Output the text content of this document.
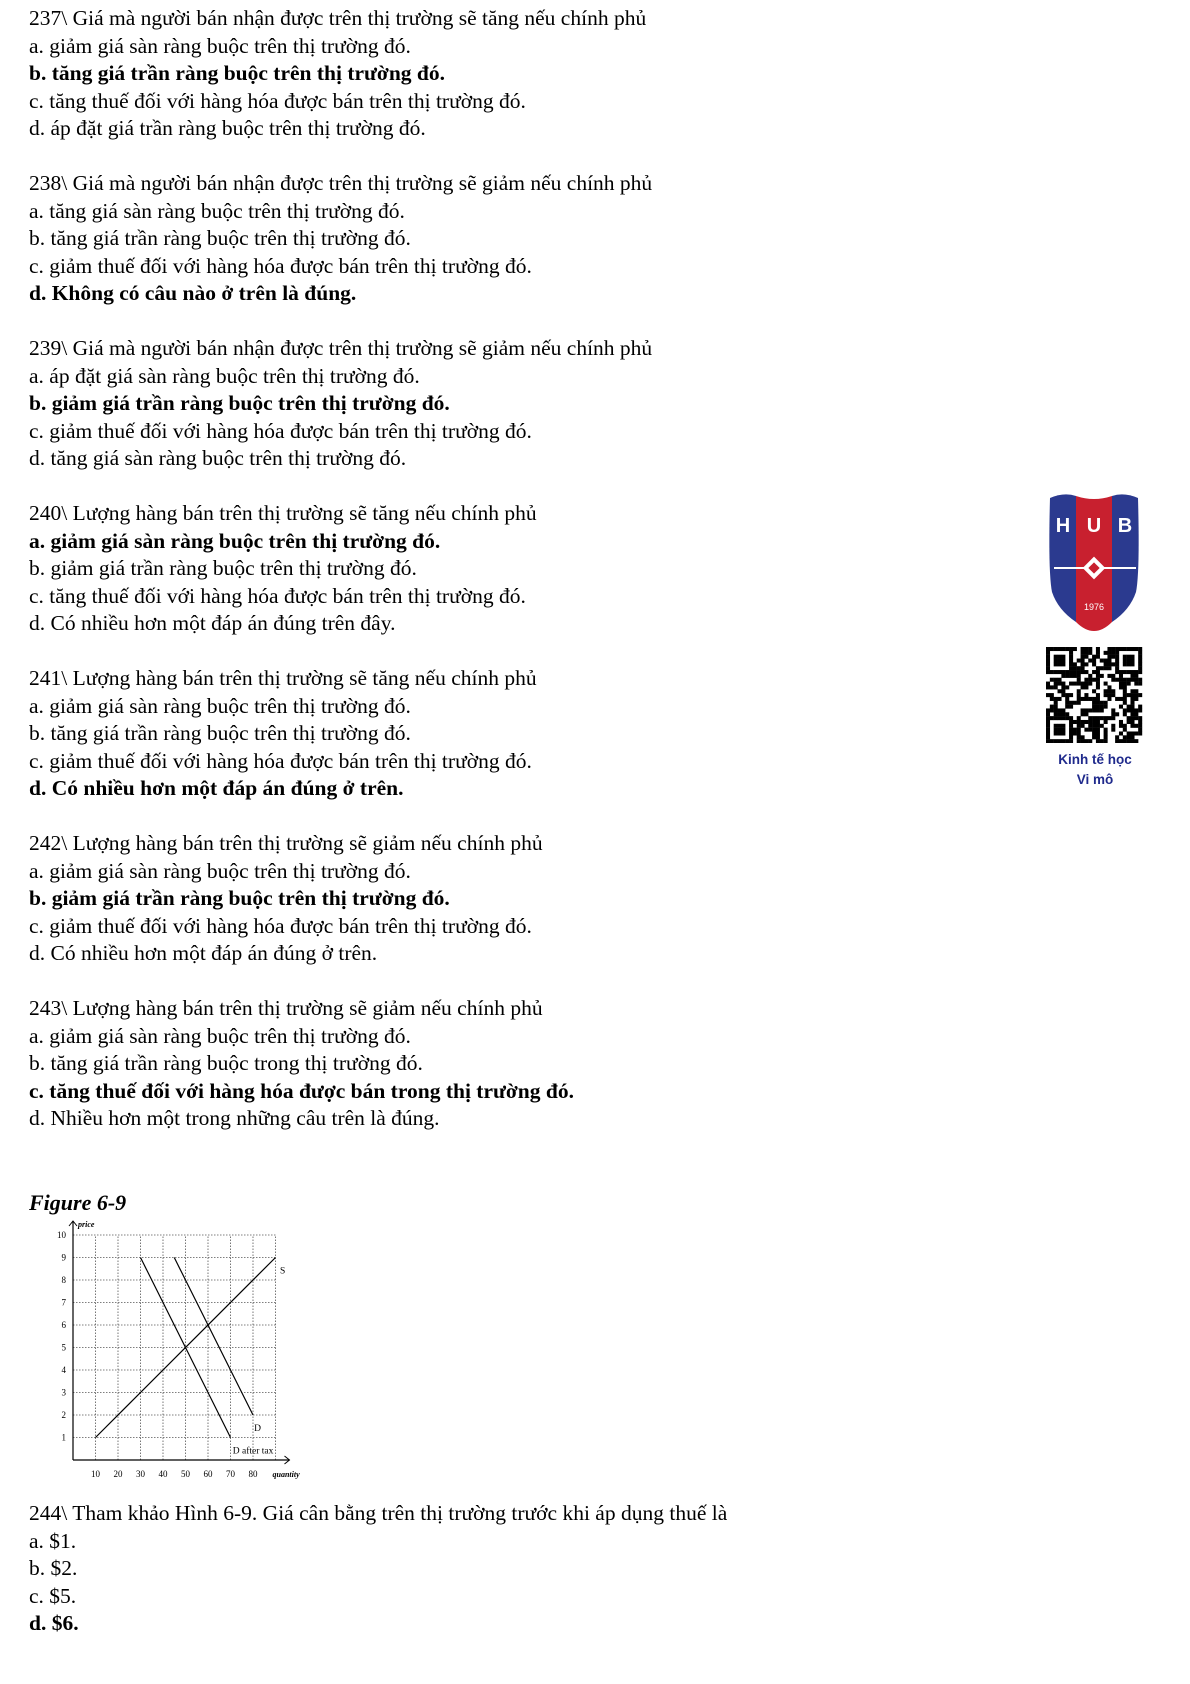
237\ Giá mà người bán nhận được trên thị trường sẽ tăng nếu chính phủ
a. giảm giá sàn ràng buộc trên thị trường đó.
b. tăng giá trần ràng buộc trên thị trường đó.
c. tăng thuế đối với hàng hóa được bán trên thị trường đó.
d. áp đặt giá trần ràng buộc trên thị trường đó.
238\ Giá mà người bán nhận được trên thị trường sẽ giảm nếu chính phủ
a. tăng giá sàn ràng buộc trên thị trường đó.
b. tăng giá trần ràng buộc trên thị trường đó.
c. giảm thuế đối với hàng hóa được bán trên thị trường đó.
d. Không có câu nào ở trên là đúng.
239\ Giá mà người bán nhận được trên thị trường sẽ giảm nếu chính phủ
a. áp đặt giá sàn ràng buộc trên thị trường đó.
b. giảm giá trần ràng buộc trên thị trường đó.
c. giảm thuế đối với hàng hóa được bán trên thị trường đó.
d. tăng giá sàn ràng buộc trên thị trường đó.
240\ Lượng hàng bán trên thị trường sẽ tăng nếu chính phủ
a. giảm giá sàn ràng buộc trên thị trường đó.
b. giảm giá trần ràng buộc trên thị trường đó.
c. tăng thuế đối với hàng hóa được bán trên thị trường đó.
d. Có nhiều hơn một đáp án đúng trên đây.
241\ Lượng hàng bán trên thị trường sẽ tăng nếu chính phủ
a. giảm giá sàn ràng buộc trên thị trường đó.
b. tăng giá trần ràng buộc trên thị trường đó.
c. giảm thuế đối với hàng hóa được bán trên thị trường đó.
d. Có nhiều hơn một đáp án đúng ở trên.
242\ Lượng hàng bán trên thị trường sẽ giảm nếu chính phủ
a. giảm giá sàn ràng buộc trên thị trường đó.
b. giảm giá trần ràng buộc trên thị trường đó.
c. giảm thuế đối với hàng hóa được bán trên thị trường đó.
d. Có nhiều hơn một đáp án đúng ở trên.
243\ Lượng hàng bán trên thị trường sẽ giảm nếu chính phủ
a. giảm giá sàn ràng buộc trên thị trường đó.
b. tăng giá trần ràng buộc trong thị trường đó.
c. tăng thuế đối với hàng hóa được bán trong thị trường đó.
d. Nhiều hơn một trong những câu trên là đúng.
Figure 6-9
1
2
3
4
5
6
7
8
9
10
10 20 30 40 50 60 70 80
price
quantity
S
D
D after tax
244\ Tham khảo Hình 6-9. Giá cân bằng trên thị trường trước khi áp dụng thuế là
a. $1.
b. $2.
c. $5.
d. $6.
H U B
1976
Kinh tế học
Vi mô
